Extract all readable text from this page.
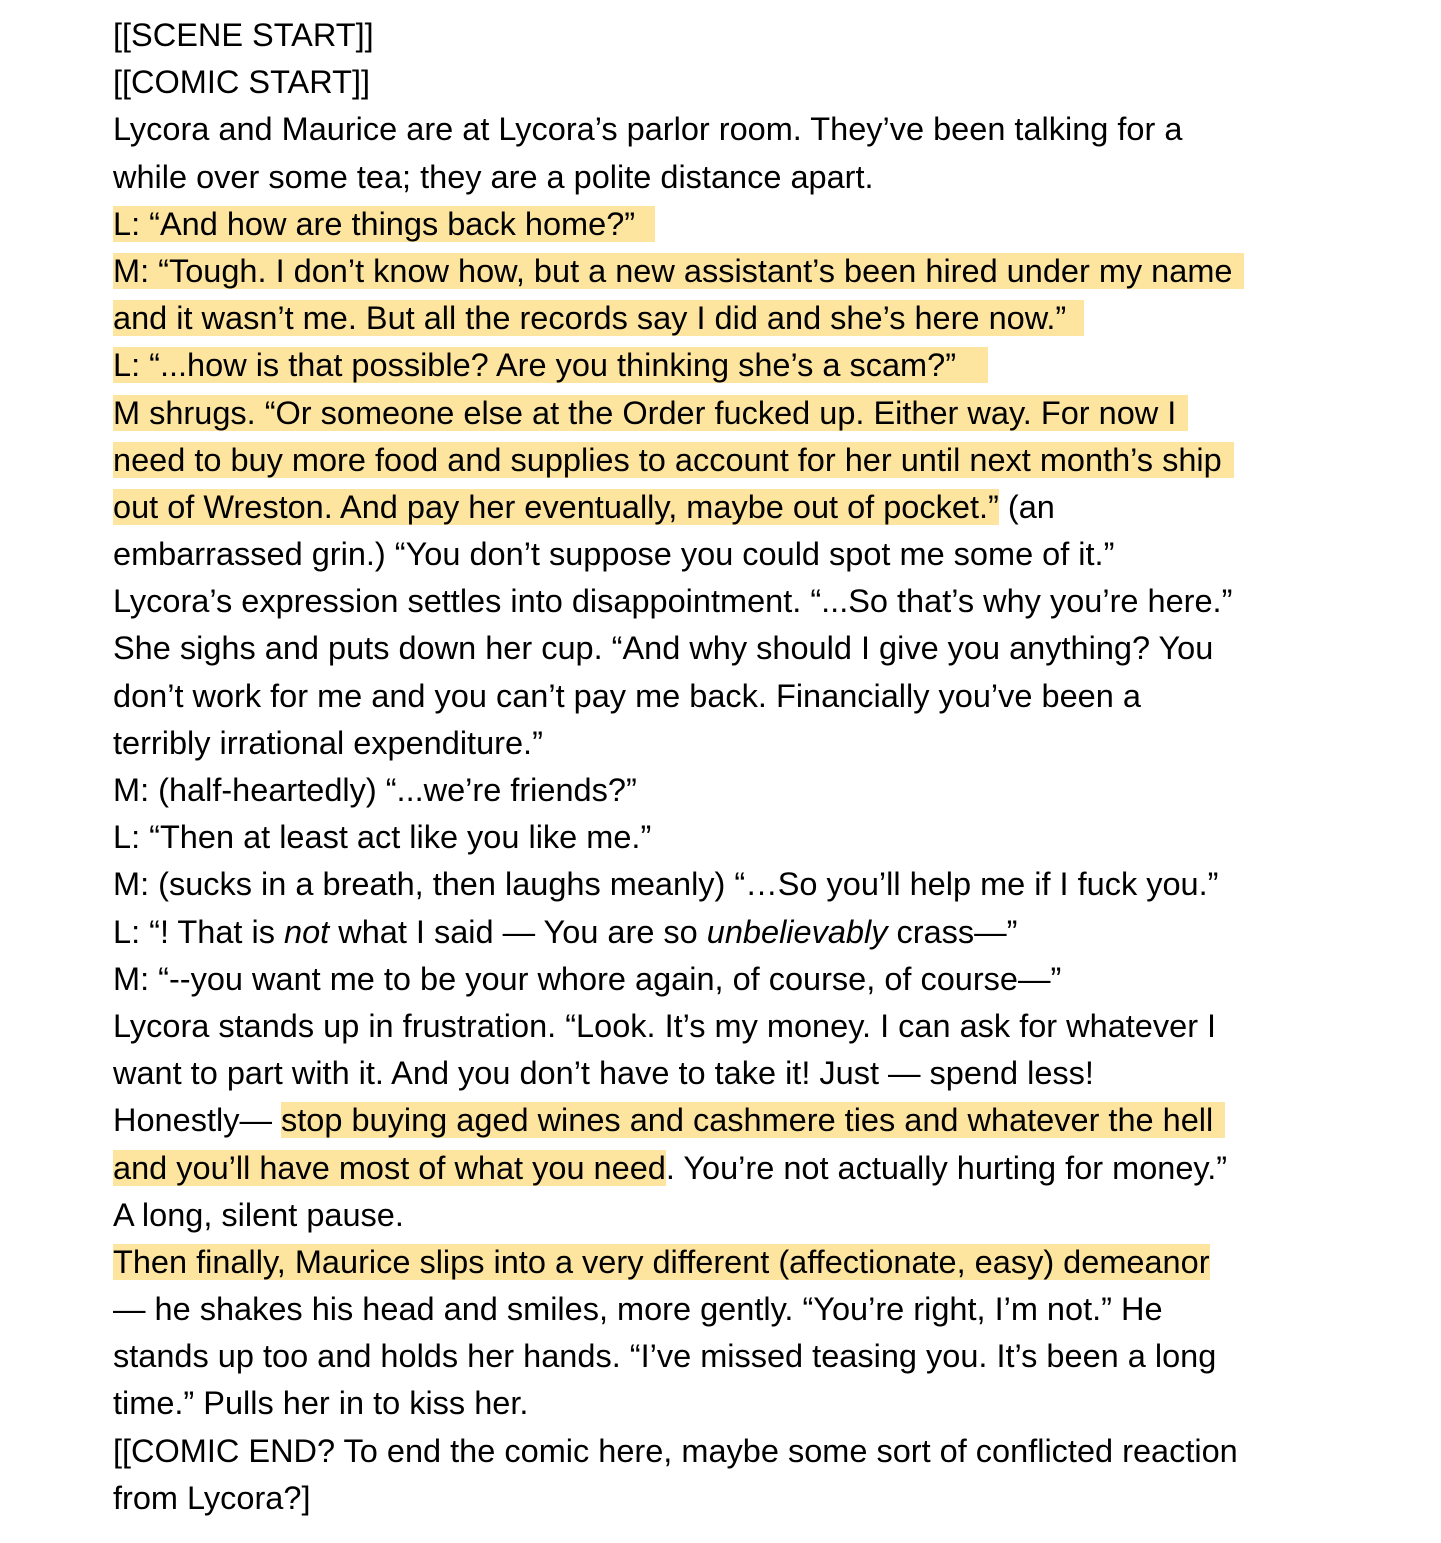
[[SCENE START]]
[[COMIC START]]
Lycora and Maurice are at Lycora’s parlor room. They’ve been talking for a
while over some tea; they are a polite distance apart.
L: “And how are things back home?”
M: “Tough. I don’t know how, but a new assistant’s been hired under my name
and it wasn’t me. But all the records say I did and she’s here now.”
L: “...how is that possible? Are you thinking she’s a scam?”
M shrugs. “Or someone else at the Order fucked up. Either way. For now I
need to buy more food and supplies to account for her until next month’s ship
out of Wreston. And pay her eventually, maybe out of pocket.” (an
embarrassed grin.) “You don’t suppose you could spot me some of it.”
Lycora’s expression settles into disappointment. “...So that’s why you’re here.”
She sighs and puts down her cup. “And why should I give you anything? You
don’t work for me and you can’t pay me back. Financially you’ve been a
terribly irrational expenditure.”
M: (half-heartedly) “...we’re friends?”
L: “Then at least act like you like me.”
M: (sucks in a breath, then laughs meanly) “…So you’ll help me if I fuck you.”
L: “! That is not what I said — You are so unbelievably crass—”
M: “--you want me to be your whore again, of course, of course—”
Lycora stands up in frustration. “Look. It’s my money. I can ask for whatever I
want to part with it. And you don’t have to take it! Just — spend less!
Honestly— stop buying aged wines and cashmere ties and whatever the hell
and you’ll have most of what you need. You’re not actually hurting for money.”
A long, silent pause.
Then finally, Maurice slips into a very different (affectionate, easy) demeanor
— he shakes his head and smiles, more gently. “You’re right, I’m not.” He
stands up too and holds her hands. “I’ve missed teasing you. It’s been a long
time.” Pulls her in to kiss her.
[[COMIC END? To end the comic here, maybe some sort of conflicted reaction
from Lycora?]
